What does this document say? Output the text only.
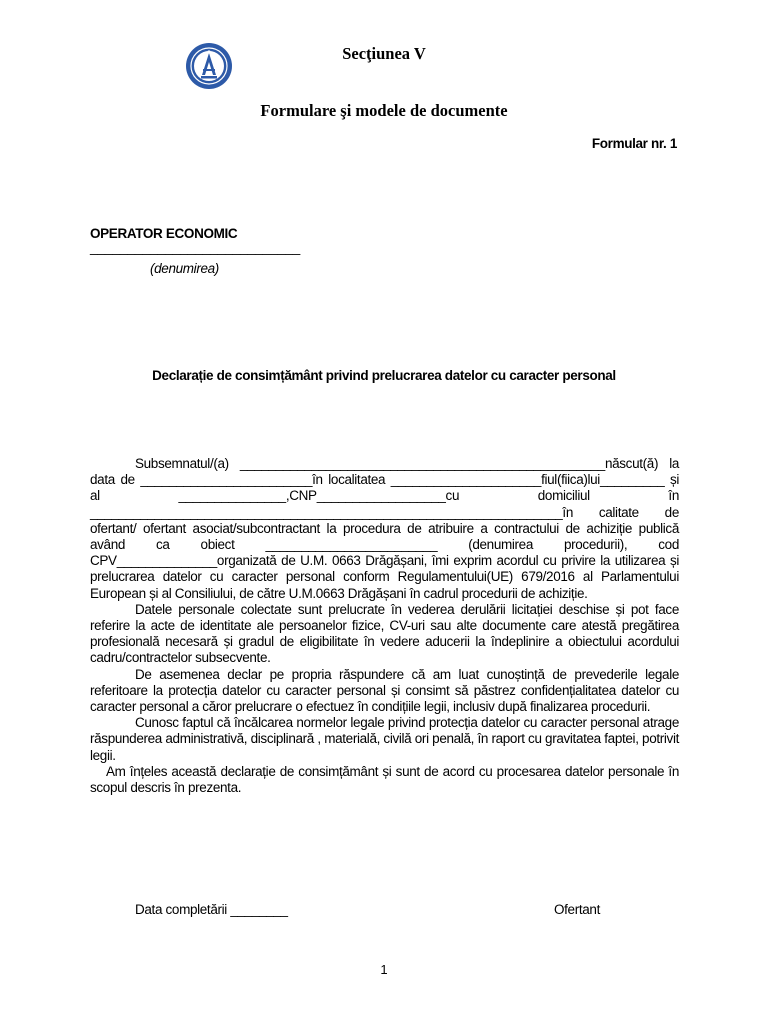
Secţiunea V
Formulare şi modele de documente
Formular nr. 1
OPERATOR ECONOMIC
____________________________
(denumirea)
Declarație de consimțământ privind prelucrarea datelor cu caracter personal

Subsemnatul/(a) ___________________________________________________născut(ă) la data de ________________________în localitatea _____________________fiul(fiica)lui_________ și al _______________,CNP__________________cu domiciliul în __________________________________________________________________în calitate de ofertant/ ofertant asociat/subcontractant la procedura de atribuire a contractului de achiziție publică având ca obiect ________________________ (denumirea procedurii), cod CPV______________organizată de U.M. 0663 Drăgășani, îmi exprim acordul cu privire la utilizarea și prelucrarea datelor cu caracter personal conform Regulamentului(UE) 679/2016 al Parlamentului European și al Consiliului, de către U.M.0663 Drăgășani în cadrul procedurii de achiziție.

Datele personale colectate sunt prelucrate în vederea derulării licitației deschise și pot face referire la acte de identitate ale persoanelor fizice, CV-uri sau alte documente care atestă pregătirea profesională necesară și gradul de eligibilitate în vedere aducerii la îndeplinire a obiectului acordului cadru/contractelor subsecvente.

De asemenea declar pe propria răspundere că am luat cunoștință de prevederile legale referitoare la protecția datelor cu caracter personal și consimt să păstrez confidențialitatea datelor cu caracter personal a căror prelucrare o efectuez în condițiile legii, inclusiv după finalizarea procedurii.

Cunosc faptul că încălcarea normelor legale privind protecția datelor cu caracter personal atrage răspunderea administrativă, disciplinară , materială, civilă ori penală, în raport cu gravitatea faptei, potrivit legii.

Am înțeles această declarație de consimțământ și sunt de acord cu procesarea datelor personale în scopul descris în prezenta.

Data completării ________	Ofertant
1
